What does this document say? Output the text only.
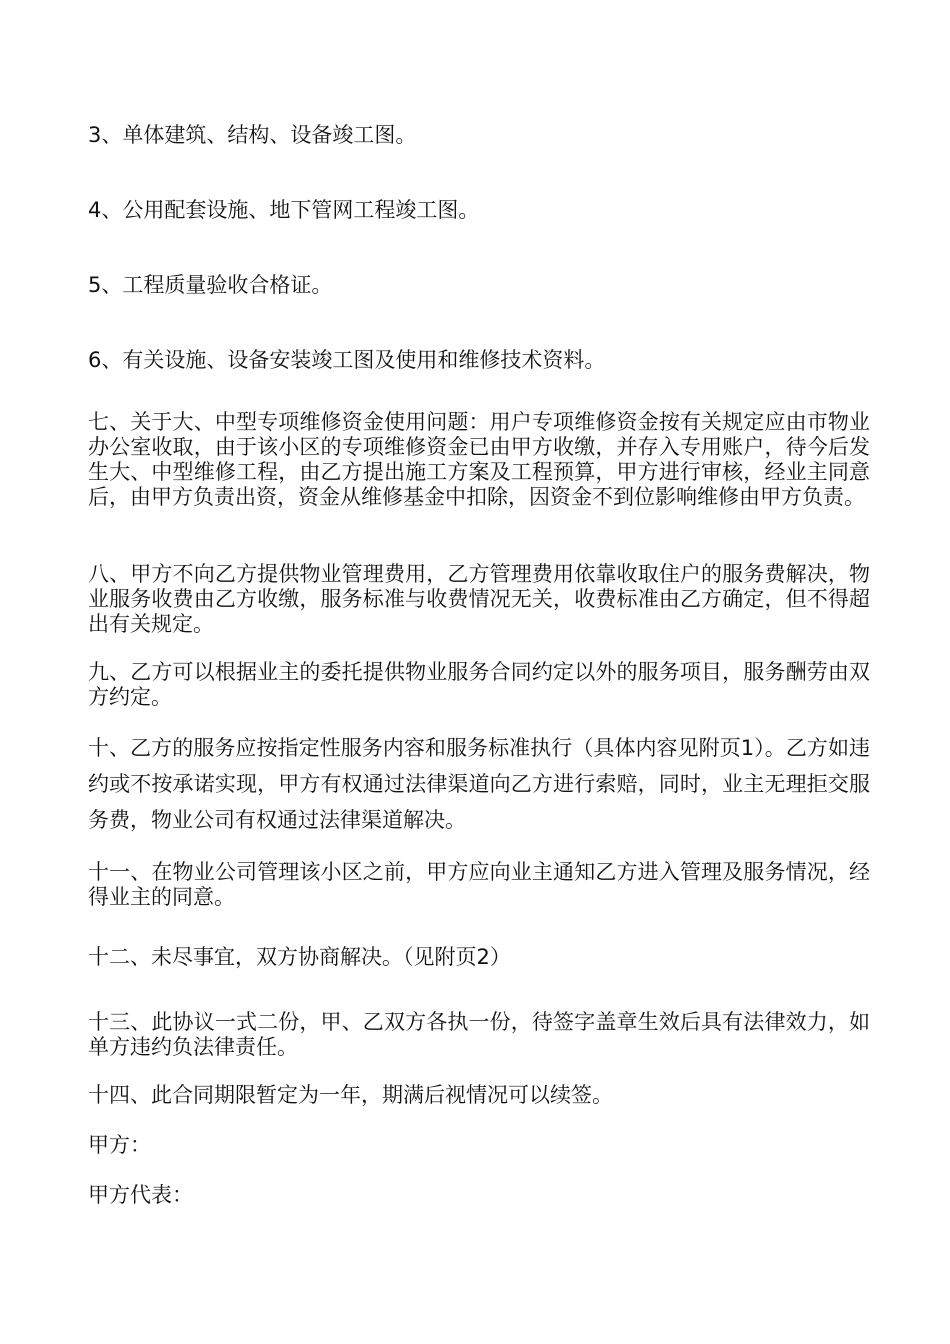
3、单体建筑、结构、设备竣工图。

4、公用配套设施、地下管网工程竣工图。

5、工程质量验收合格证。

6、有关设施、设备安装竣工图及使用和维修技术资料。

七、关于大、中型专项维修资金使用问题：用户专项维修资金按有关规定应由市物业办公室收取，由于该小区的专项维修资金已由甲方收缴，并存入专用账户，待今后发生大、中型维修工程，由乙方提出施工方案及工程预算，甲方进行审核，经业主同意后，由甲方负责出资，资金从维修基金中扣除，因资金不到位影响维修由甲方负责。

八、甲方不向乙方提供物业管理费用，乙方管理费用依靠收取住户的服务费解决，物业服务收费由乙方收缴，服务标准与收费情况无关，收费标准由乙方确定，但不得超出有关规定。

九、乙方可以根据业主的委托提供物业服务合同约定以外的服务项目，服务酬劳由双方约定。

十、乙方的服务应按指定性服务内容和服务标准执行（具体内容见附页1）。乙方如违约或不按承诺实现，甲方有权通过法律渠道向乙方进行索赔，同时，业主无理拒交服务费，物业公司有权通过法律渠道解决。

十一、在物业公司管理该小区之前，甲方应向业主通知乙方进入管理及服务情况，经得业主的同意。

十二、未尽事宜，双方协商解决。（见附页2）

十三、此协议一式二份，甲、乙双方各执一份，待签字盖章生效后具有法律效力，如单方违约负法律责任。

十四、此合同期限暂定为一年，期满后视情况可以续签。

甲方：

甲方代表：
